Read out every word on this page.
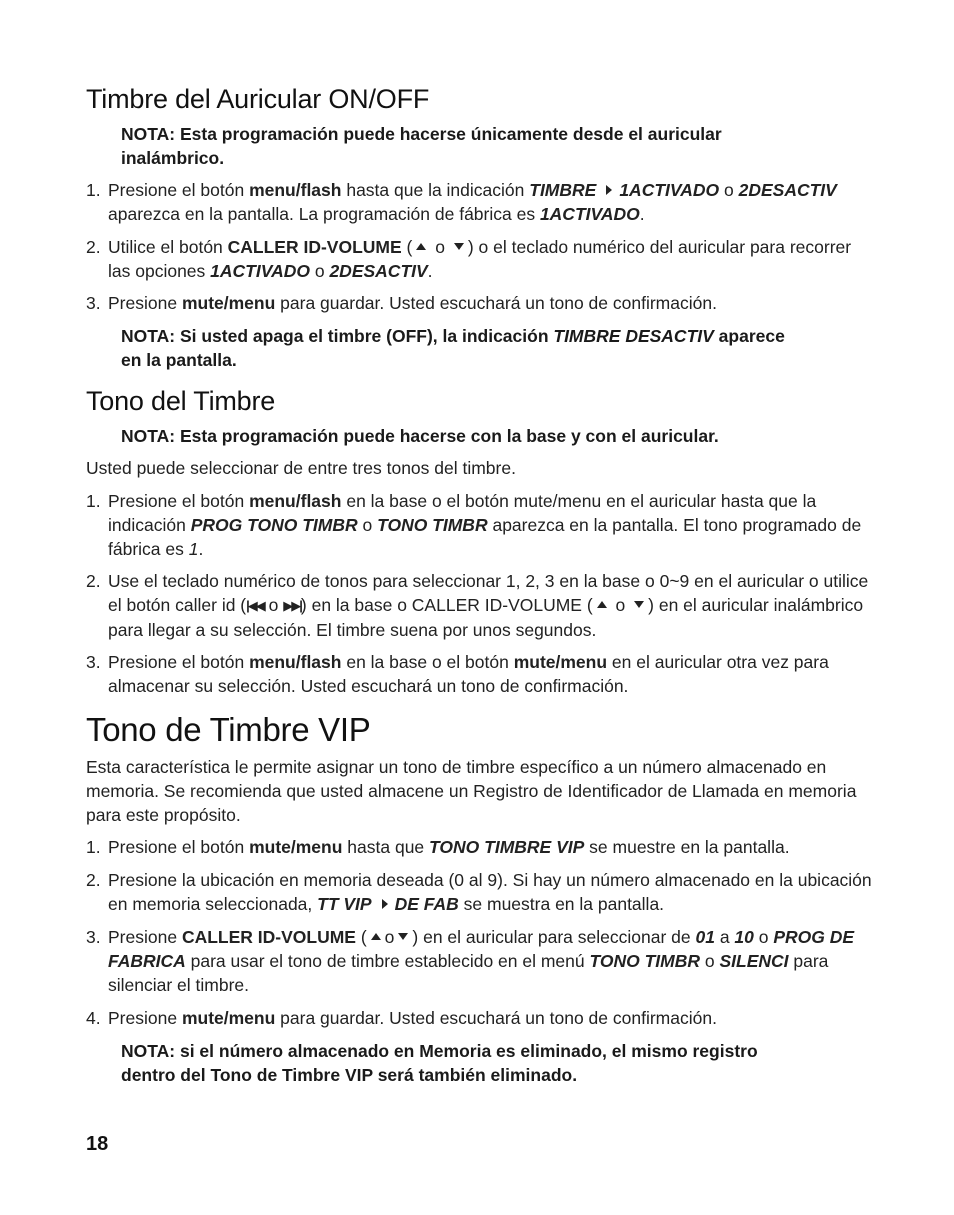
Timbre del Auricular ON/OFF
NOTA: Esta programación puede hacerse únicamente desde el auricular inalámbrico.
1. Presione el botón menu/flash hasta que la indicación TIMBRE 1ACTIVADO o 2DESACTIV aparezca en la pantalla. La programación de fábrica es 1ACTIVADO.
2. Utilice el botón CALLER ID-VOLUME ( o ) o el teclado numérico del auricular para recorrer las opciones 1ACTIVADO o 2DESACTIV.
3. Presione mute/menu para guardar. Usted escuchará un tono de confirmación.
NOTA: Si usted apaga el timbre (OFF), la indicación TIMBRE DESACTIV aparece en la pantalla.
Tono del Timbre
NOTA: Esta programación puede hacerse con la base y con el auricular.
Usted puede seleccionar de entre tres tonos del timbre.
1. Presione el botón menu/flash en la base o el botón mute/menu en el auricular hasta que la indicación PROG TONO TIMBR o TONO TIMBR aparezca en la pantalla. El tono programado de fábrica es 1.
2. Use el teclado numérico de tonos para seleccionar 1, 2, 3 en la base o 0~9 en el auricular o utilice el botón caller id (|◀◀ o ▶▶|) en la base o CALLER ID-VOLUME ( o ) en el auricular inalámbrico para llegar a su selección. El timbre suena por unos segundos.
3. Presione el botón menu/flash en la base o el botón mute/menu en el auricular otra vez para almacenar su selección. Usted escuchará un tono de confirmación.
Tono de Timbre VIP
Esta característica le permite asignar un tono de timbre específico a un número almacenado en memoria. Se recomienda que usted almacene un Registro de Identificador de Llamada en memoria para este propósito.
1. Presione el botón mute/menu hasta que TONO TIMBRE VIP se muestre en la pantalla.
2. Presione la ubicación en memoria deseada (0 al 9). Si hay un número almacenado en la ubicación en memoria seleccionada, TT VIP DE FAB se muestra en la pantalla.
3. Presione CALLER ID-VOLUME ( o ) en el auricular para seleccionar de 01 a 10 o PROG DE FABRICA para usar el tono de timbre establecido en el menú TONO TIMBR o SILENCI para silenciar el timbre.
4. Presione mute/menu para guardar. Usted escuchará un tono de confirmación.
NOTA: si el número almacenado en Memoria es eliminado, el mismo registro dentro del Tono de Timbre VIP será también eliminado.
18
